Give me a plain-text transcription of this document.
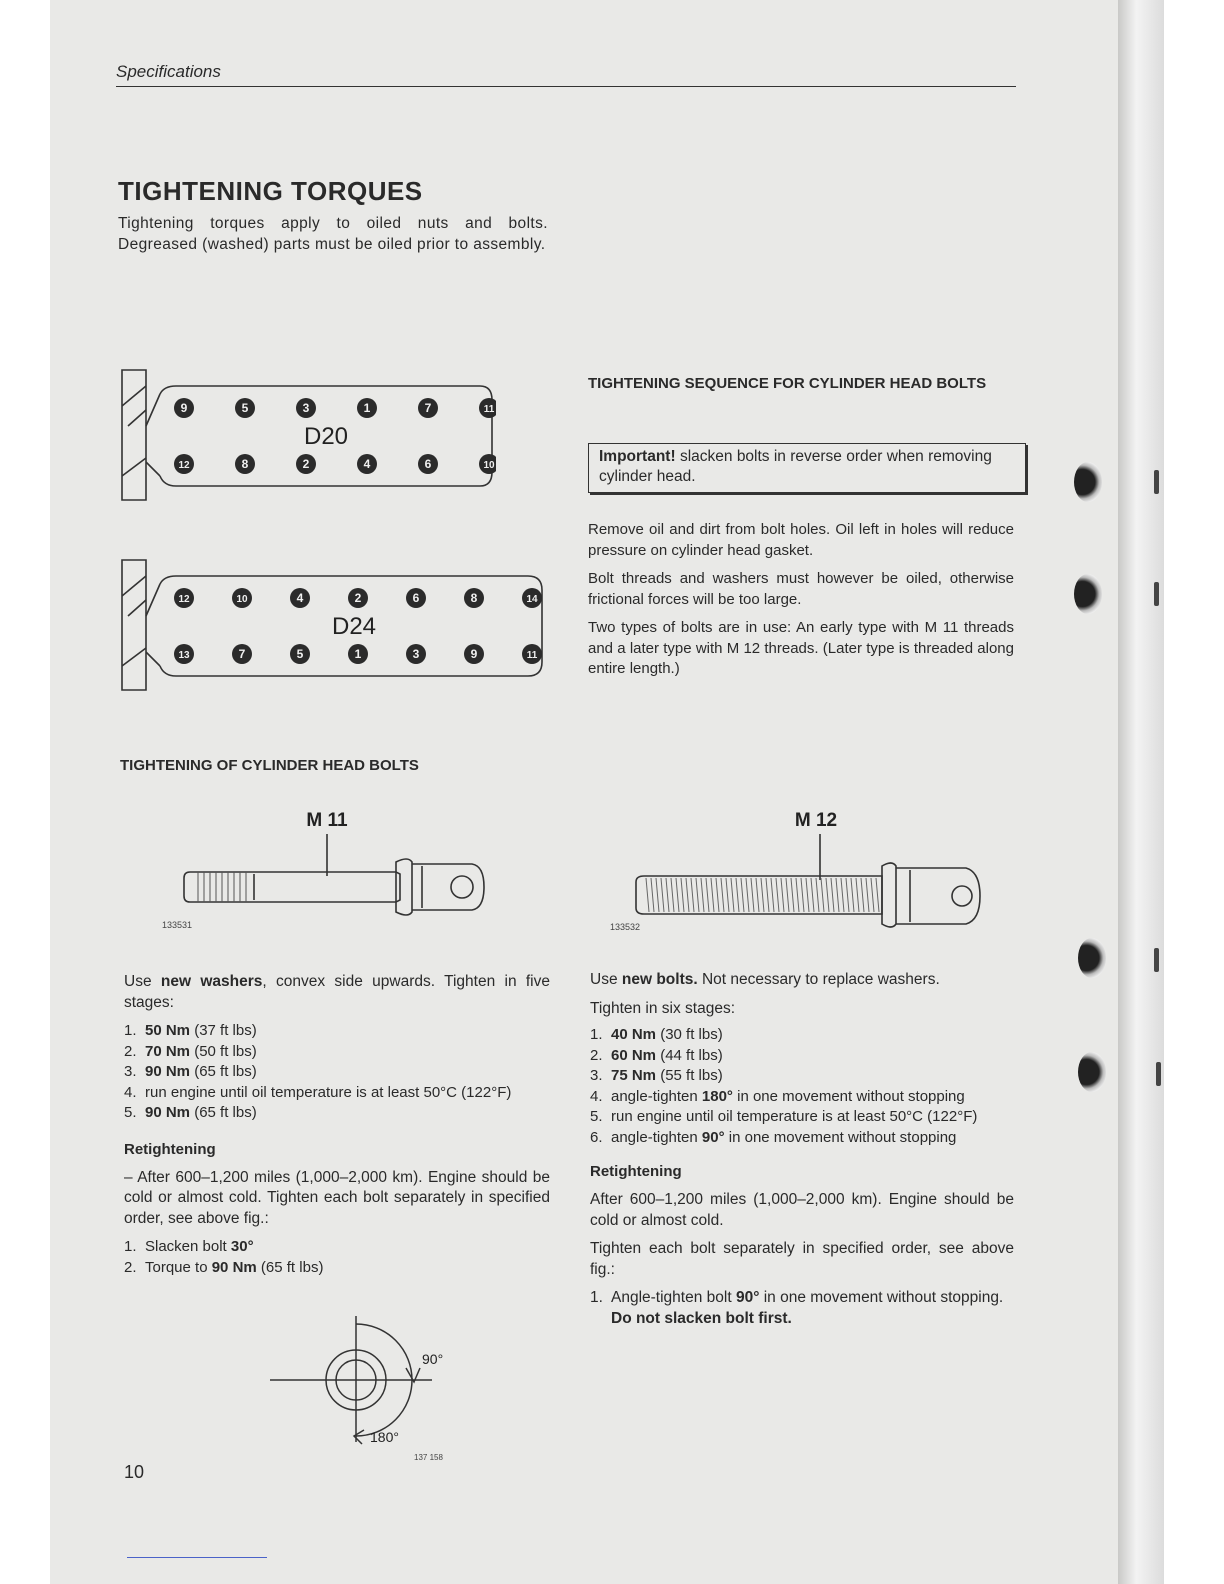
Specifications
TIGHTENING TORQUES
Tightening torques apply to oiled nuts and bolts. Degreased (washed) parts must be oiled prior to assembly.
9	5	3	1	7	11
12	8	2	4	6	10
D20
12	10	4	2	6	8	14
13	7	5	1	3	9	11
D24
TIGHTENING SEQUENCE FOR CYLINDER HEAD BOLTS
Important! slacken bolts in reverse order when removing cylinder head.

Remove oil and dirt from bolt holes. Oil left in holes will reduce pressure on cylinder head gasket.

Bolt threads and washers must however be oiled, otherwise frictional forces will be too large.

Two types of bolts are in use: An early type with M 11 threads and a later type with M 12 threads. (Later type is threaded along entire length.)

TIGHTENING OF CYLINDER HEAD BOLTS
M 11
133531
M 12
133532
Use new washers, convex side upwards. Tighten in five stages:
1. 50 Nm (37 ft lbs)
2. 70 Nm (50 ft lbs)
3. 90 Nm (65 ft lbs)
4. run engine until oil temperature is at least 50°C (122°F)
5. 90 Nm (65 ft lbs)
Retightening
– After 600–1,200 miles (1,000–2,000 km). Engine should be cold or almost cold. Tighten each bolt separately in specified order, see above fig.:
1. Slacken bolt 30°
2. Torque to 90 Nm (65 ft lbs)
90°
180°
137 158
Use new bolts. Not necessary to replace washers.
Tighten in six stages:
1. 40 Nm (30 ft lbs)
2. 60 Nm (44 ft lbs)
3. 75 Nm (55 ft lbs)
4. angle-tighten 180° in one movement without stopping
5. run engine until oil temperature is at least 50°C (122°F)
6. angle-tighten 90° in one movement without stopping
Retightening

After 600–1,200 miles (1,000–2,000 km). Engine should be cold or almost cold.

Tighten each bolt separately in specified order, see above fig.:

1. Angle-tighten bolt 90° in one movement without stopping.
Do not slacken bolt first.
10
